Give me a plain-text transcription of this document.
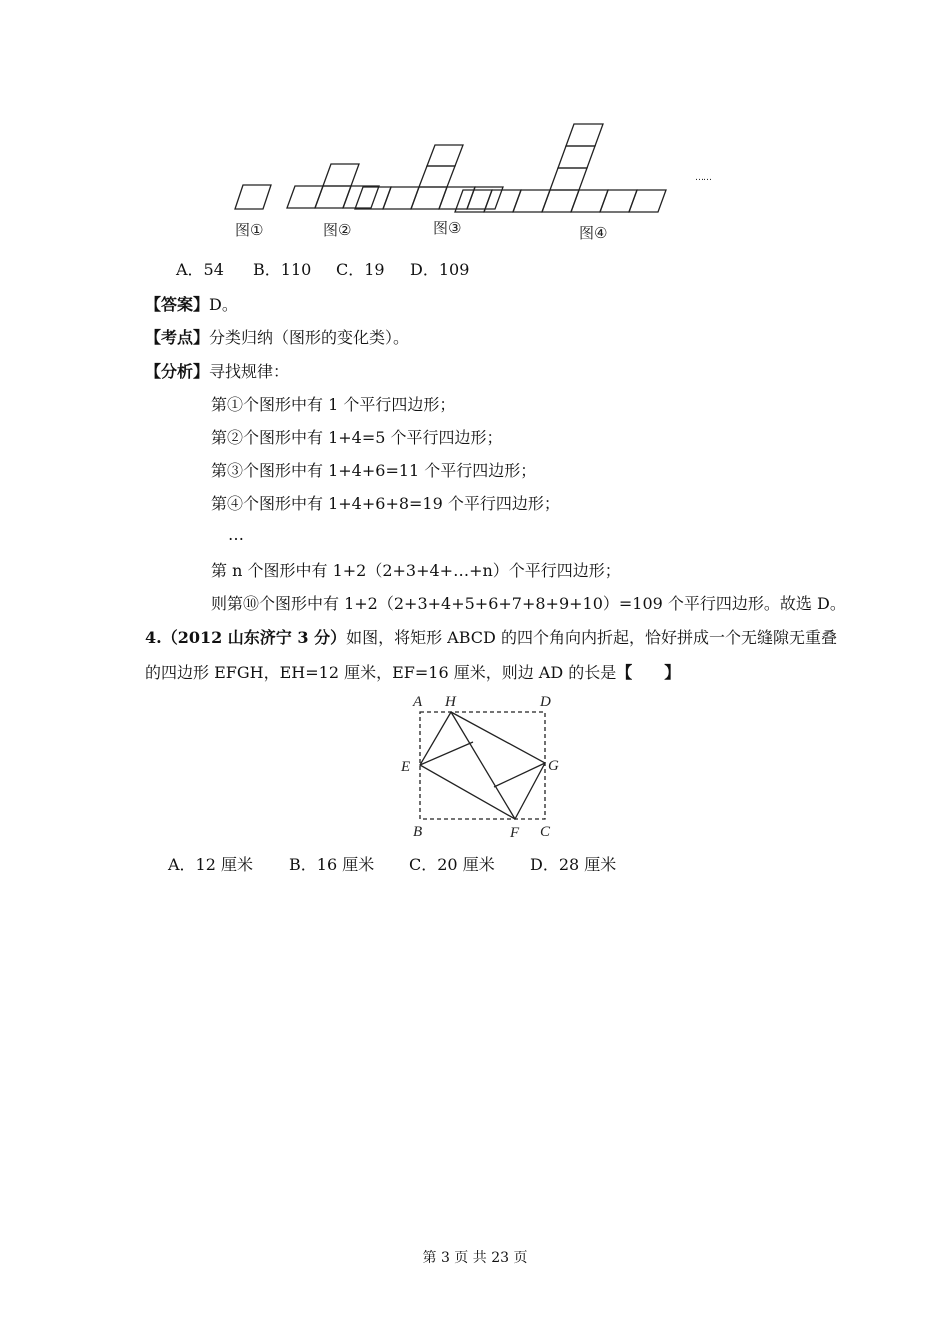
图①	图②	图③	图④
……
A．54 B．110 C．19 D．109
【答案】D。
【考点】分类归纳（图形的变化类）。
【分析】寻找规律：
第①个图形中有 1 个平行四边形；
第②个图形中有 1+4=5 个平行四边形；
第③个图形中有 1+4+6=11 个平行四边形；
第④个图形中有 1+4+6+8=19 个平行四边形；
…
第 n 个图形中有 1+2（2+3+4+…+n）个平行四边形；
则第⑩个图形中有 1+2（2+3+4+5+6+7+8+9+10）=109 个平行四边形。故选 D。
4.（2012 山东济宁 3 分）如图，将矩形 ABCD 的四个角向内折起，恰好拼成一个无缝隙无重叠
的四边形 EFGH，EH=12 厘米，EF=16 厘米，则边 AD 的长是【　　】
A H	D
E	G
B	F C
A．12 厘米 B．16 厘米 C．20 厘米 D．28 厘米
第 3 页 共 23 页
